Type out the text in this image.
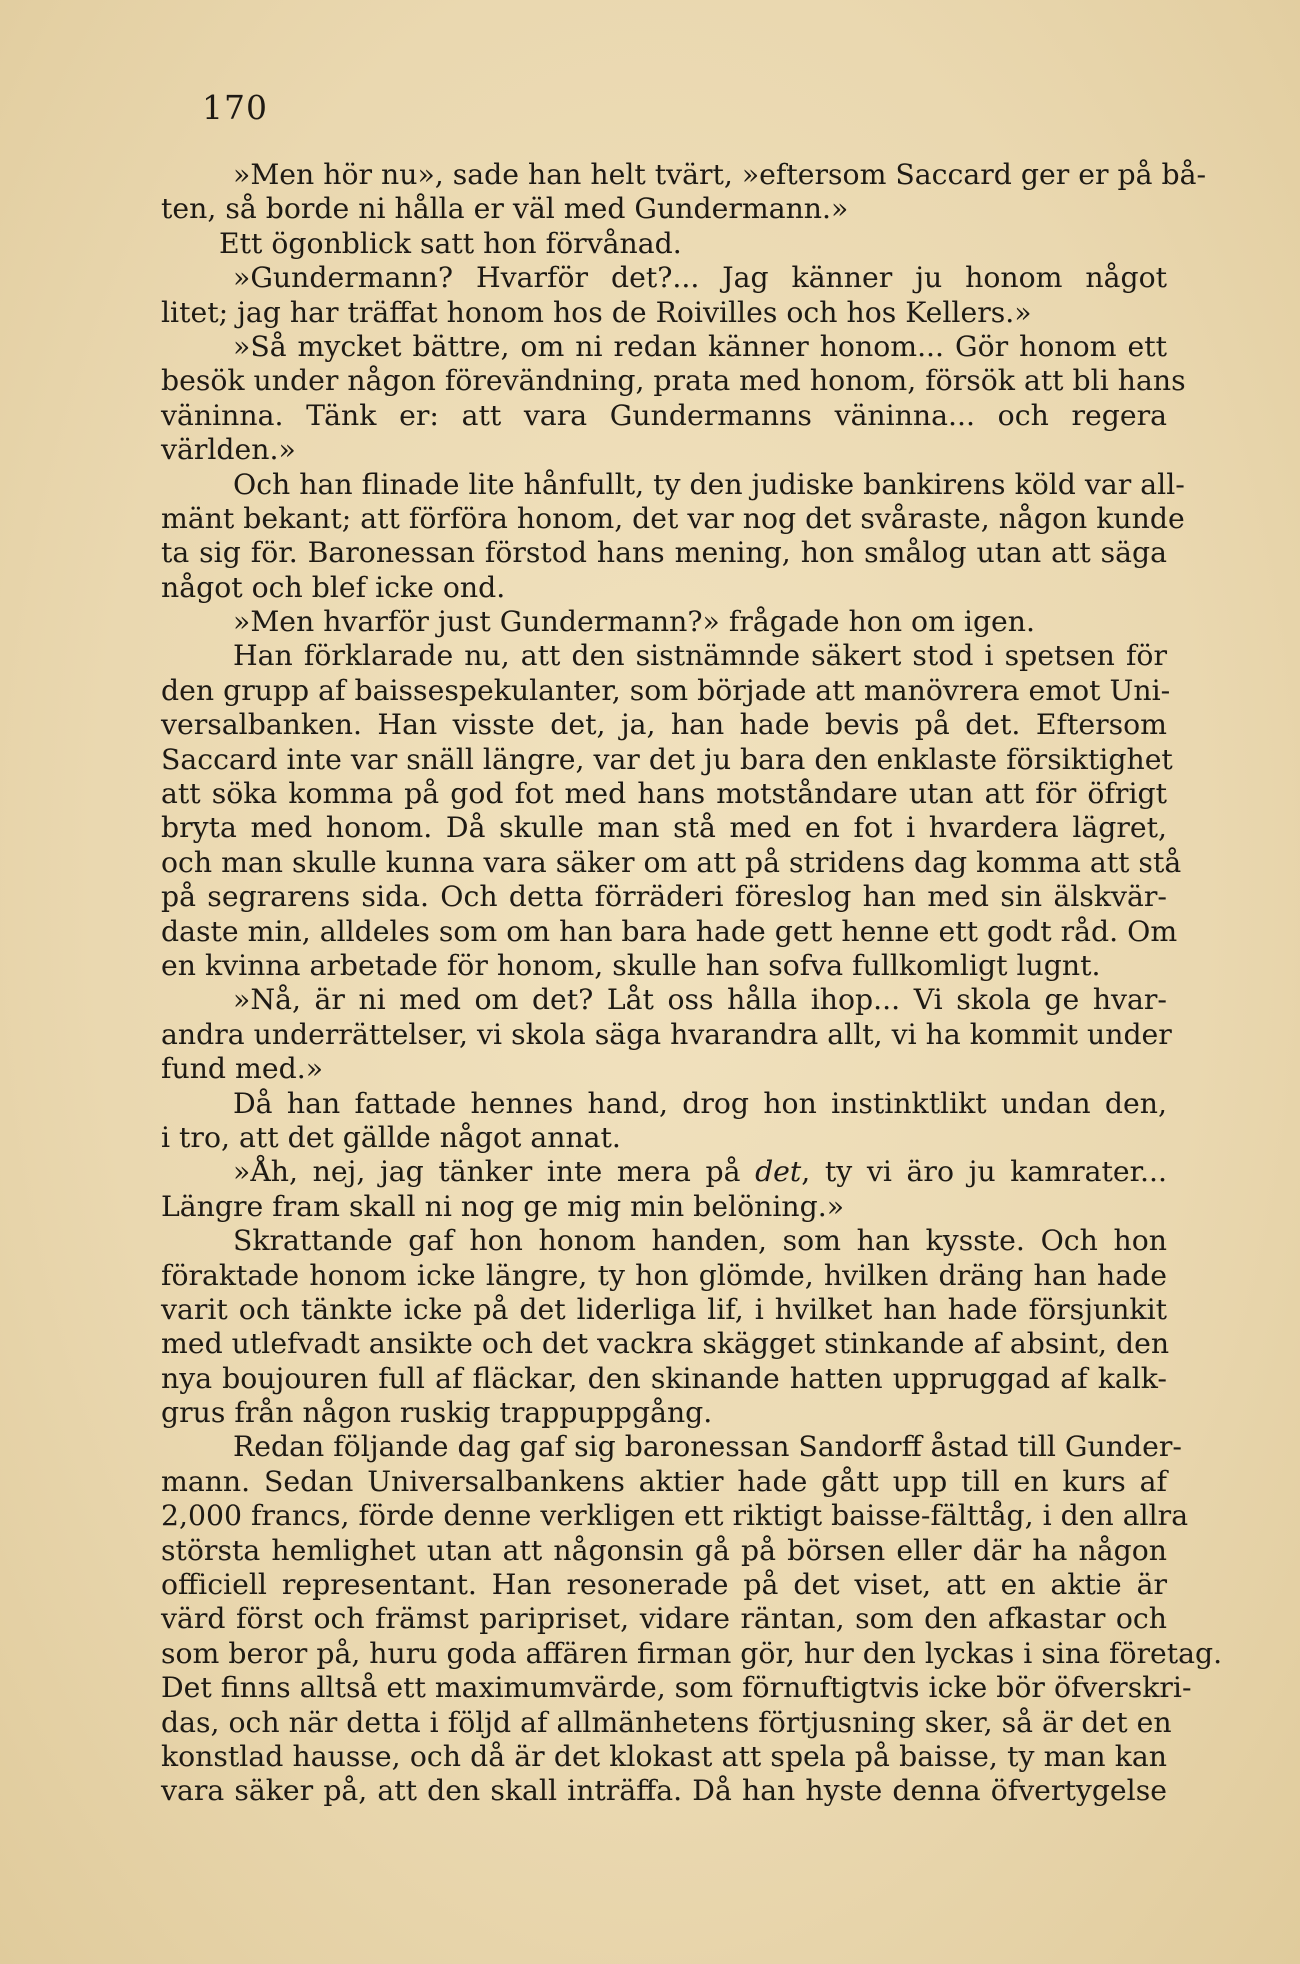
170
»Men hör nu», sade han helt tvärt, »eftersom Saccard ger er på bå-
ten, så borde ni hålla er väl med Gundermann.»
Ett ögonblick satt hon förvånad.
»Gundermann? Hvarför det?... Jag känner ju honom något
litet; jag har träffat honom hos de Roivilles och hos Kellers.»
»Så mycket bättre, om ni redan känner honom... Gör honom ett
besök under någon förevändning, prata med honom, försök att bli hans
väninna. Tänk er: att vara Gundermanns väninna... och regera
världen.»
Och han flinade lite hånfullt, ty den judiske bankirens köld var all-
mänt bekant; att förföra honom, det var nog det svåraste, någon kunde
ta sig för. Baronessan förstod hans mening, hon smålog utan att säga
något och blef icke ond.
»Men hvarför just Gundermann?» frågade hon om igen.
Han förklarade nu, att den sistnämnde säkert stod i spetsen för
den grupp af baissespekulanter, som började att manövrera emot Uni-
versalbanken. Han visste det, ja, han hade bevis på det. Eftersom
Saccard inte var snäll längre, var det ju bara den enklaste försiktighet
att söka komma på god fot med hans motståndare utan att för öfrigt
bryta med honom. Då skulle man stå med en fot i hvardera lägret,
och man skulle kunna vara säker om att på stridens dag komma att stå
på segrarens sida. Och detta förräderi föreslog han med sin älskvär-
daste min, alldeles som om han bara hade gett henne ett godt råd. Om
en kvinna arbetade för honom, skulle han sofva fullkomligt lugnt.
»Nå, är ni med om det? Låt oss hålla ihop... Vi skola ge hvar-
andra underrättelser, vi skola säga hvarandra allt, vi ha kommit under
fund med.»
Då han fattade hennes hand, drog hon instinktlikt undan den,
i tro, att det gällde något annat.
»Åh, nej, jag tänker inte mera på det, ty vi äro ju kamrater...
Längre fram skall ni nog ge mig min belöning.»
Skrattande gaf hon honom handen, som han kysste. Och hon
föraktade honom icke längre, ty hon glömde, hvilken dräng han hade
varit och tänkte icke på det liderliga lif, i hvilket han hade försjunkit
med utlefvadt ansikte och det vackra skägget stinkande af absint, den
nya boujouren full af fläckar, den skinande hatten uppruggad af kalk-
grus från någon ruskig trappuppgång.
Redan följande dag gaf sig baronessan Sandorff åstad till Gunder-
mann. Sedan Universalbankens aktier hade gått upp till en kurs af
2,000 francs, förde denne verkligen ett riktigt baisse-fälttåg, i den allra
största hemlighet utan att någonsin gå på börsen eller där ha någon
officiell representant. Han resonerade på det viset, att en aktie är
värd först och främst paripriset, vidare räntan, som den afkastar och
som beror på, huru goda affären firman gör, hur den lyckas i sina företag.
Det finns alltså ett maximumvärde, som förnuftigtvis icke bör öfverskri-
das, och när detta i följd af allmänhetens förtjusning sker, så är det en
konstlad hausse, och då är det klokast att spela på baisse, ty man kan
vara säker på, att den skall inträffa. Då han hyste denna öfvertygelse
